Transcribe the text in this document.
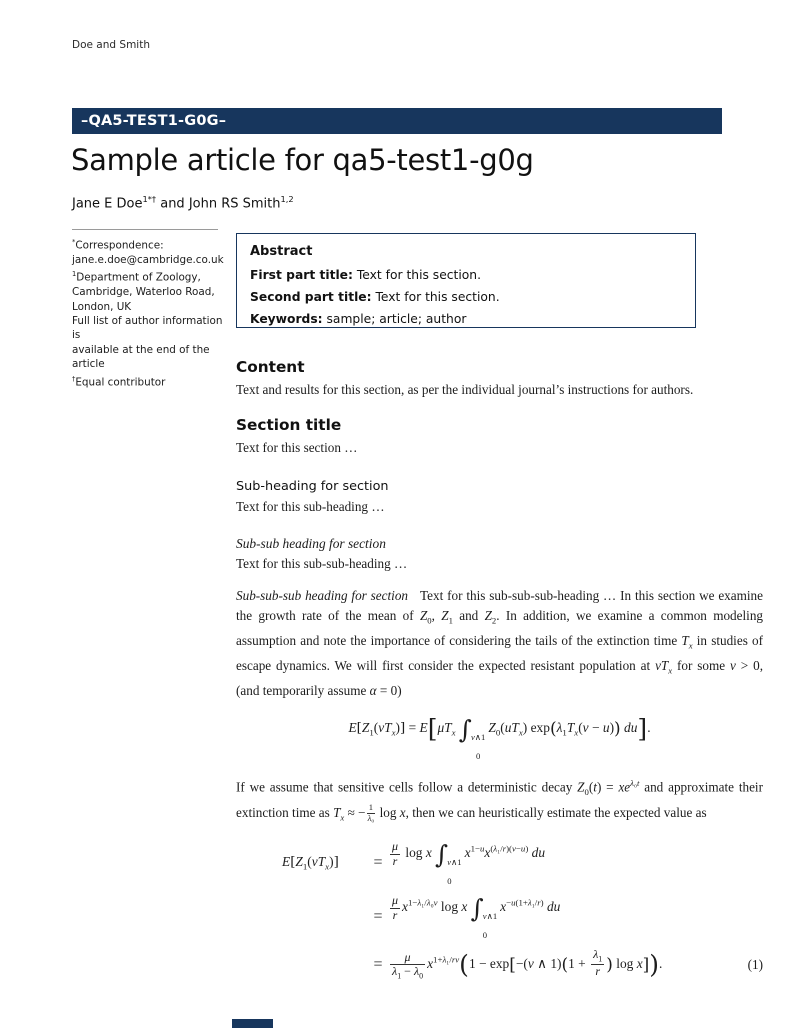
Doe and Smith
–QA5-TEST1-G0G–
Sample article for qa5-test1-g0g
Jane E Doe$^{1*\dagger}$ and John RS Smith$^{1,2}$
*Correspondence:
jane.e.doe@cambridge.co.uk
$^1$Department of Zoology,
Cambridge, Waterloo Road,
London, UK
Full list of author information is
available at the end of the article
†Equal contributor
Abstract

First part title: Text for this section.

Second part title: Text for this section.

Keywords: sample; article; author

Content

Text and results for this section, as per the individual journal’s instructions for authors.

Section title

Text for this section …

Sub-heading for section

Text for this sub-heading …

Sub-sub heading for section

Text for this sub-sub-heading …

Sub-sub-sub heading for section Text for this sub-sub-sub-heading … In this section we examine the growth rate of the mean of $Z_0$, $Z_1$ and $Z_2$. In addition, we examine a common modeling assumption and note the importance of considering the tails of the extinction time $T_x$ in studies of escape dynamics. We will first consider the expected resistant population at $vT_x$ for some v > 0, (and temporarily assume α = 0)

$E[Z_1(vT_x)] = E[\mu T_x$ ∫ v∧1
0
$Z_0(uT_x) \exp(\lambda_1T_x(v - u))$ du].

If we assume that sensitive cells follow a deterministic decay $Z_0(t) = xe^{\lambda_0t}$ and approximate their extinction time as $T_x$ ≈ − $\frac{1}{\text{λ₀}}$ log x, then we can heuristically estimate the expected value as

$E[Z_1(vT_x)]$	= $\frac{\mu}{r}$ log x ∫ v∧1
0
$x^{1-u}x^{(\lambda_1/r)(v-u)}$ du
= $\frac{\mu}{r} x^{1-\lambda_1/\lambda_0v}$ log x ∫ v∧1
0
$x^{-u(1+\lambda_1/r)}$ du
= $\frac{\mu}{\lambda_1 - \lambda_0} x^{1+\lambda_1/rv}(1 - \exp[-(v$ ∧ $1)(1 + \frac{\lambda_1}{r}$ ) log x]).	(1)
